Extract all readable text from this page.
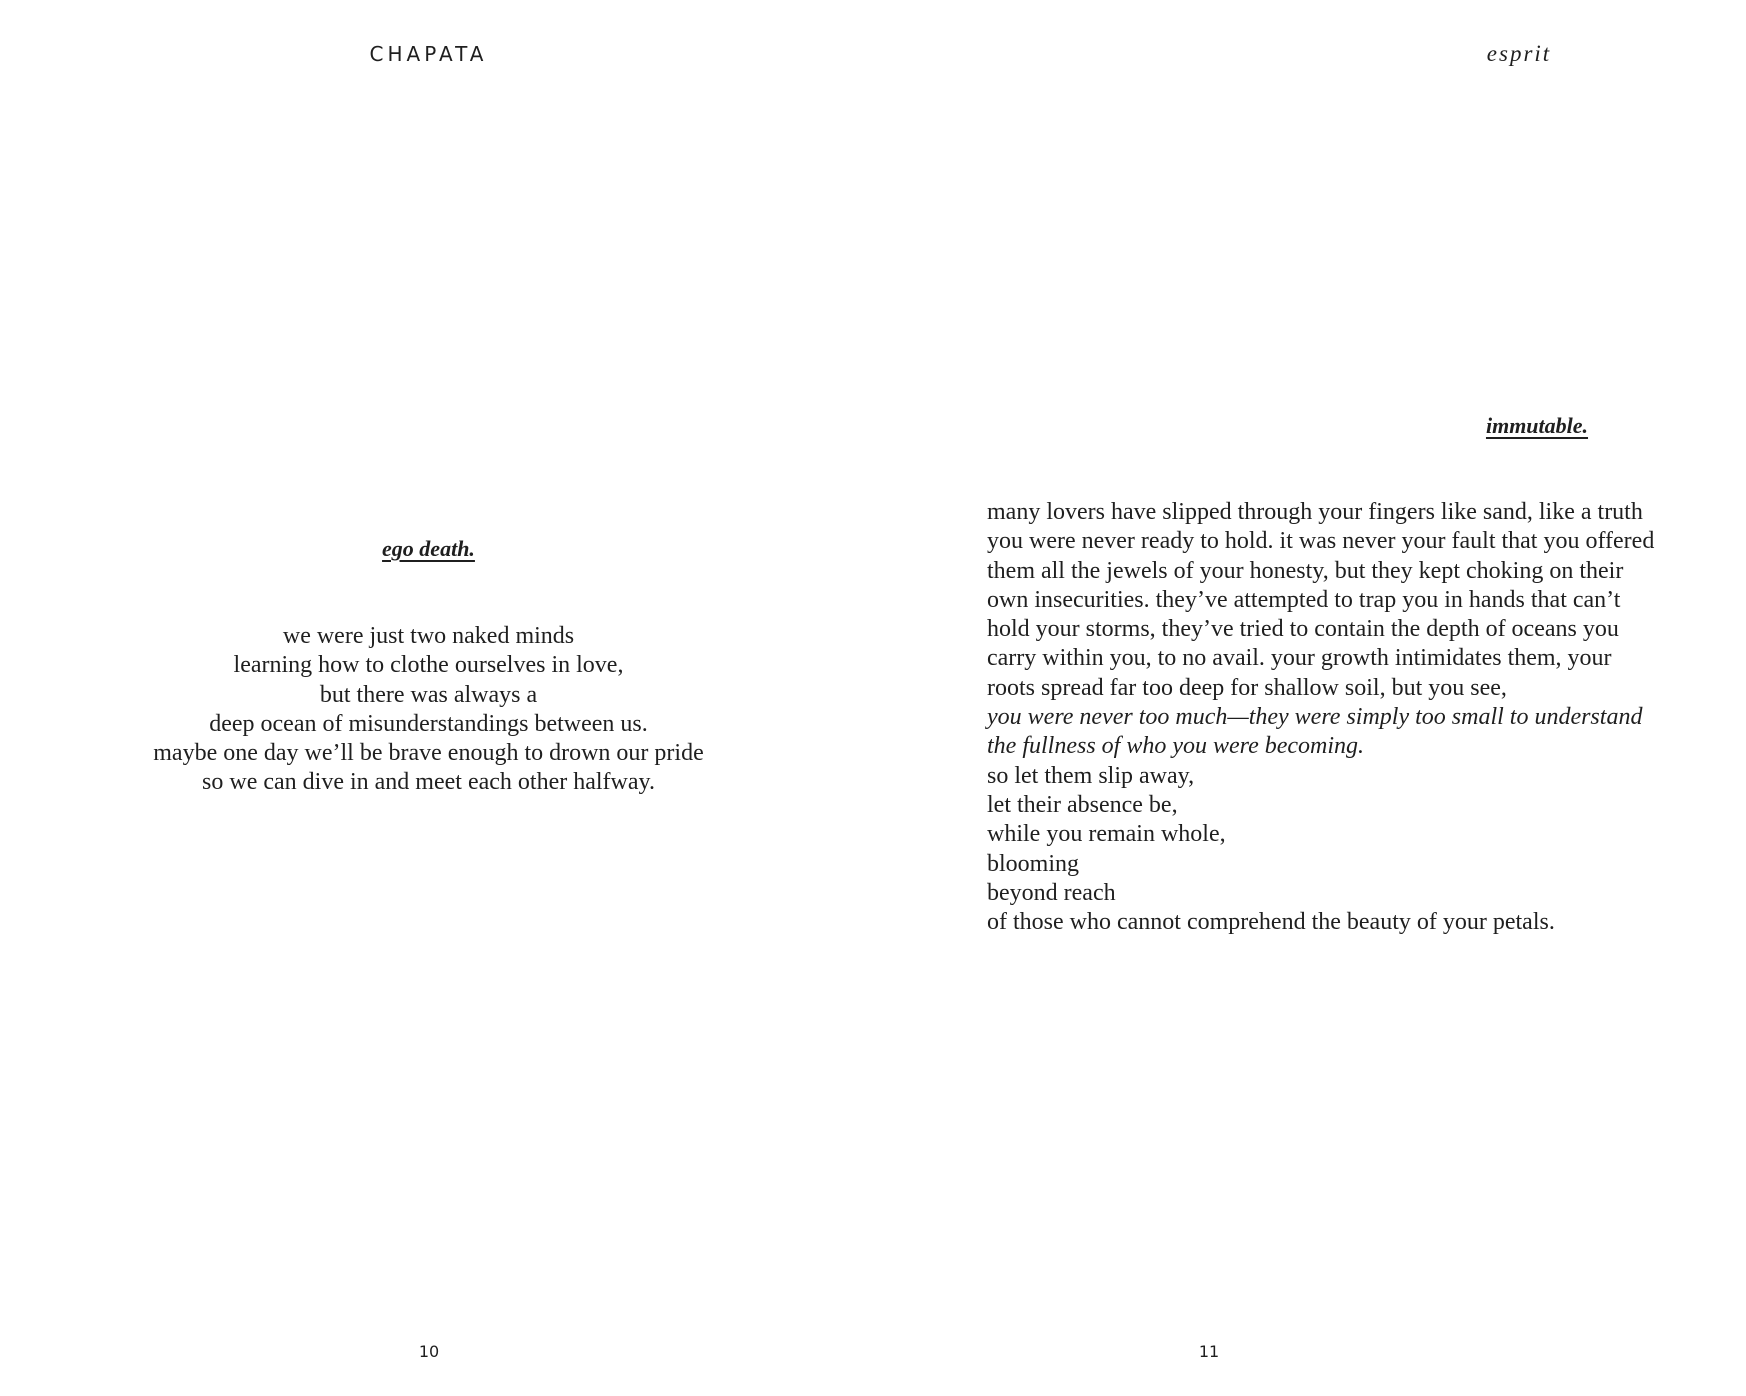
CHAPATA

ego death.
we were just two naked minds
learning how to clothe ourselves in love,
but there was always a
deep ocean of misunderstandings between us.
maybe one day we’ll be brave enough to drown our pride
so we can dive in and meet each other halfway.

10

esprit

immutable.

many lovers have slipped through your fingers like sand, like a truth you were never ready to hold. it was never your fault that you offered them all the jewels of your honesty, but they kept choking on their own insecurities. they’ve attempted to trap you in hands that can’t hold your storms, they’ve tried to contain the depth of oceans you carry within you, to no avail. your growth intimidates them, your roots spread far too deep for shallow soil, but you see,

you were never too much—they were simply too small to understand the fullness of who you were becoming.

so let them slip away,
let their absence be,
while you remain whole,
blooming
beyond reach
of those who cannot comprehend the beauty of your petals.

11
